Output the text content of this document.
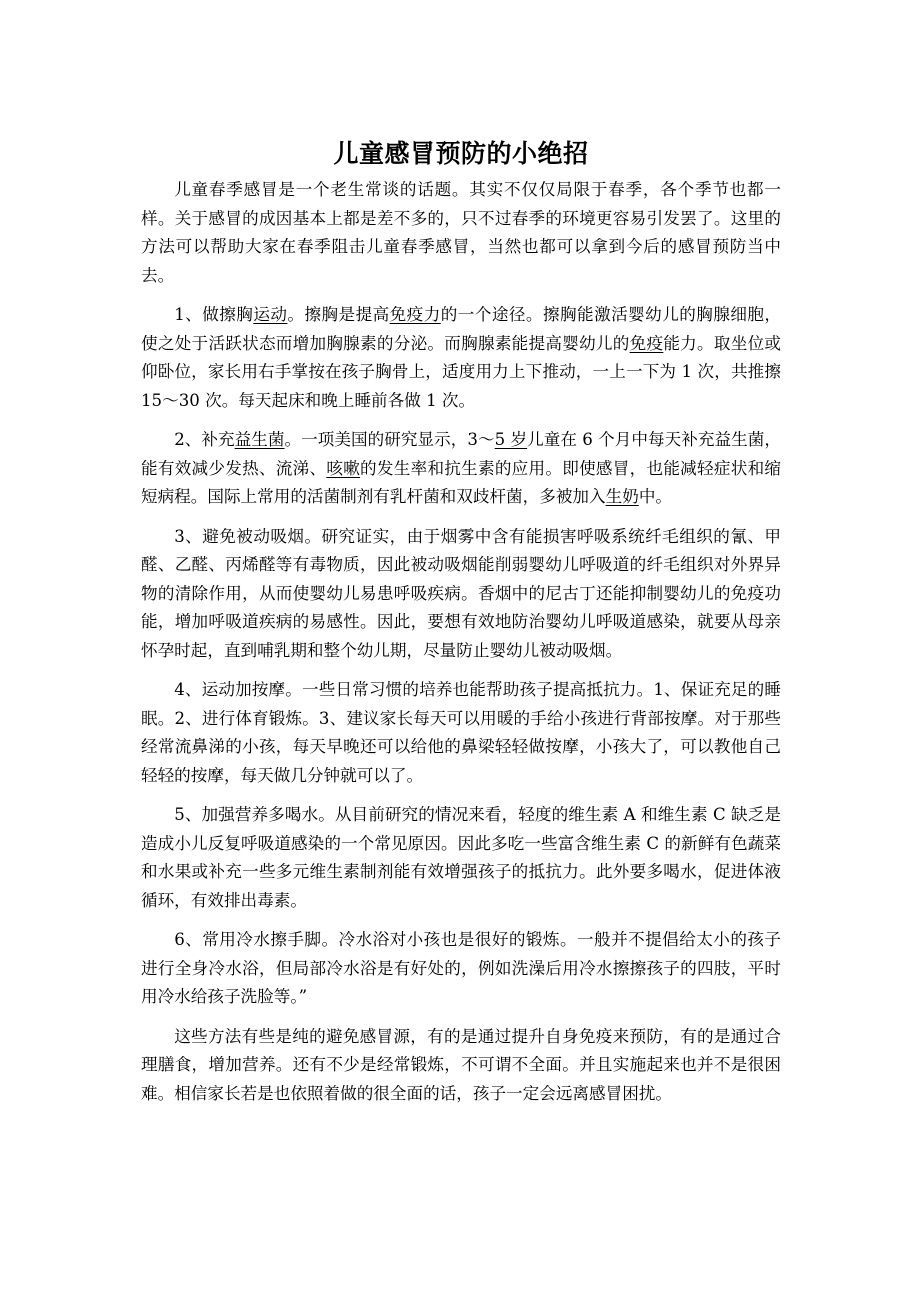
儿童感冒预防的小绝招

儿童春季感冒是一个老生常谈的话题。其实不仅仅局限于春季，各个季节也都一样。关于感冒的成因基本上都是差不多的，只不过春季的环境更容易引发罢了。这里的方法可以帮助大家在春季阻击儿童春季感冒，当然也都可以拿到今后的感冒预防当中去。

1、做擦胸运动。擦胸是提高免疫力的一个途径。擦胸能激活婴幼儿的胸腺细胞，使之处于活跃状态而增加胸腺素的分泌。而胸腺素能提高婴幼儿的免疫能力。取坐位或仰卧位，家长用右手掌按在孩子胸骨上，适度用力上下推动，一上一下为 1 次，共推擦 15～30 次。每天起床和晚上睡前各做 1 次。

2、补充益生菌。一项美国的研究显示，3～5 岁儿童在 6 个月中每天补充益生菌，能有效减少发热、流涕、咳嗽的发生率和抗生素的应用。即使感冒，也能减轻症状和缩短病程。国际上常用的活菌制剂有乳杆菌和双歧杆菌，多被加入生奶中。

3、避免被动吸烟。研究证实，由于烟雾中含有能损害呼吸系统纤毛组织的氰、甲醛、乙醛、丙烯醛等有毒物质，因此被动吸烟能削弱婴幼儿呼吸道的纤毛组织对外界异物的清除作用，从而使婴幼儿易患呼吸疾病。香烟中的尼古丁还能抑制婴幼儿的免疫功能，增加呼吸道疾病的易感性。因此，要想有效地防治婴幼儿呼吸道感染，就要从母亲怀孕时起，直到哺乳期和整个幼儿期，尽量防止婴幼儿被动吸烟。

4、运动加按摩。一些日常习惯的培养也能帮助孩子提高抵抗力。1、保证充足的睡眠。2、进行体育锻炼。3、建议家长每天可以用暖的手给小孩进行背部按摩。对于那些经常流鼻涕的小孩，每天早晚还可以给他的鼻梁轻轻做按摩，小孩大了，可以教他自己轻轻的按摩，每天做几分钟就可以了。

5、加强营养多喝水。从目前研究的情况来看，轻度的维生素 A 和维生素 C 缺乏是造成小儿反复呼吸道感染的一个常见原因。因此多吃一些富含维生素 C 的新鲜有色蔬菜和水果或补充一些多元维生素制剂能有效增强孩子的抵抗力。此外要多喝水，促进体液循环，有效排出毒素。

6、常用冷水擦手脚。冷水浴对小孩也是很好的锻炼。一般并不提倡给太小的孩子进行全身冷水浴，但局部冷水浴是有好处的，例如洗澡后用冷水擦擦孩子的四肢，平时用冷水给孩子洗脸等。”

这些方法有些是纯的避免感冒源，有的是通过提升自身免疫来预防，有的是通过合理膳食，增加营养。还有不少是经常锻炼，不可谓不全面。并且实施起来也并不是很困难。相信家长若是也依照着做的很全面的话，孩子一定会远离感冒困扰。
